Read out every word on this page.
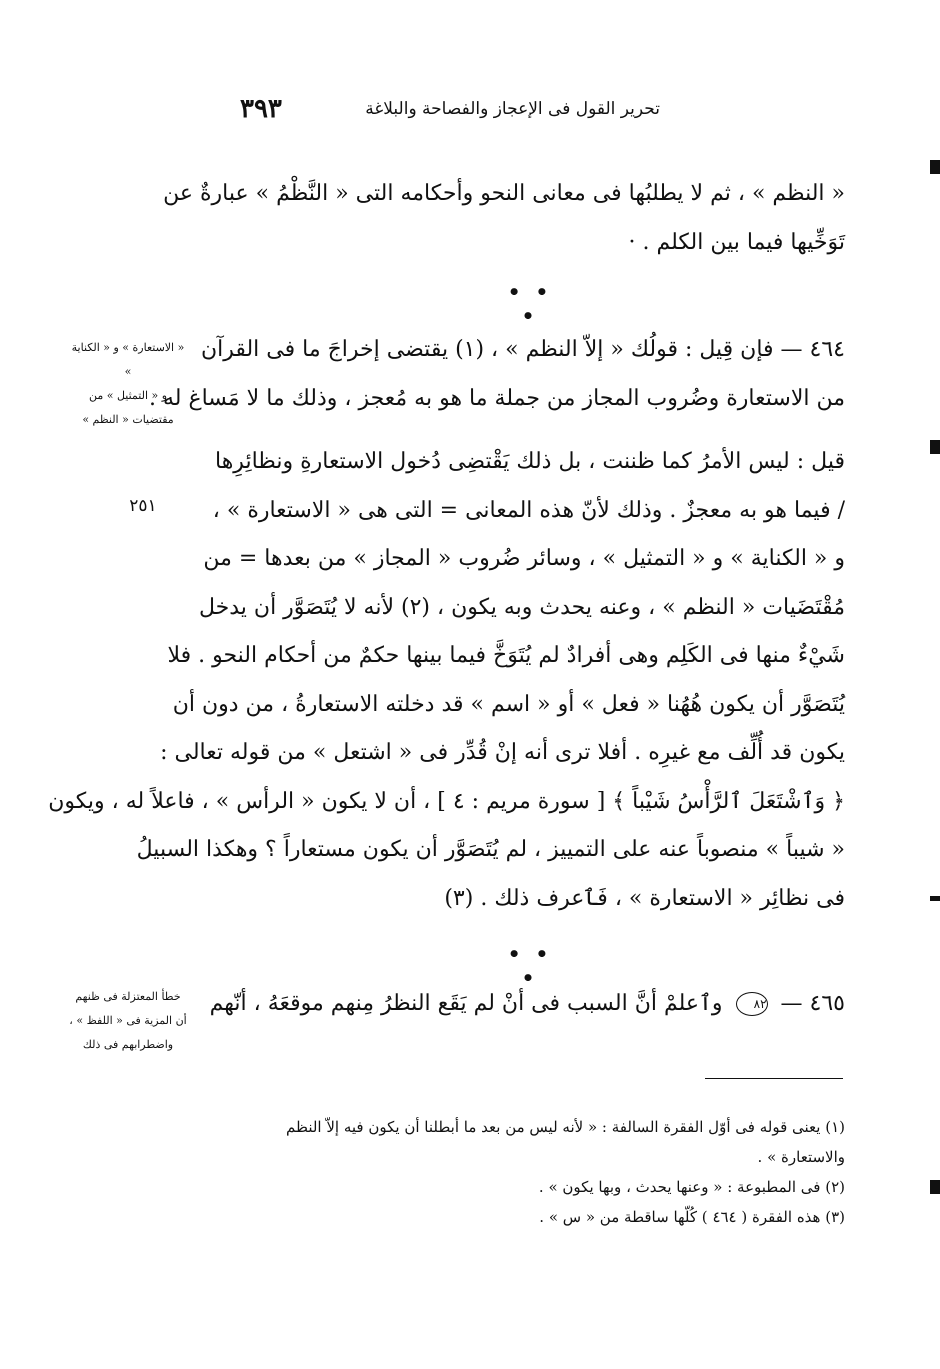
تحرير القول فى الإعجاز والفصاحة والبلاغة
٣٩٣
« النظم » ، ثم لا يطلبُها فى معانى النحو وأحكامه التى « النَّظْمُ » عبارةٌ عن
تَوَخِّيها فيما بين الكلم . ·
• • •
٤٦٤ — فإن قِيل : قولُك « إلاّ النظم » ، (١) يقتضى إخراجَ ما فى القرآن
من الاستعارة وضُروب المجاز من جملة ما هو به مُعجز ، وذلك ما لا مَساغ له .
« الاستعارة » و « الكناية »
و « التمثيل » من
مقتضيات « النظم »
قيل : ليس الأمرُ كما ظننت ، بل ذلك يَقْتضِى دُخول الاستعارةِ ونظائِرِها
/ فيما هو به معجزٌ . وذلك لأنّ هذه المعانى = التى هى « الاستعارة » ،
و « الكناية » و « التمثيل » ، وسائر ضُروب « المجاز » من بعدها = من
مُقْتَضَيات « النظم » ، وعنه يحدث وبه يكون ، (٢) لأنه لا يُتَصَوَّر أن يدخل
شَيْءٌ منها فى الكَلِم وهى أفرادٌ لم يُتَوَخَّ فيما بينها حكمٌ من أحكام النحو . فلا
يُتَصَوَّر أن يكون هُهُنا « فعل » أو « اسم » قد دخلته الاستعارةُ ، من دون أن
يكون قد أُلِّف مع غيرِه . أفلا ترى أنه إنْ قُدِّر فى « اشتعل » من قوله تعالى :
﴿ وَٱشْتَعَلَ ٱلرَّأْسُ شَيْباً ﴾ [ سورة مريم : ٤ ] ، أن لا يكون « الرأس » ، فاعلاً له ، ويكون
« شيباً » منصوباً عنه على التمييز ، لم يُتَصَوَّر أن يكون مستعاراً ؟ وهكذا السبيلُ
فى نظائِر « الاستعارة » ، فَٱعرف ذلك . (٣)
٢٥١
• • •
٤٦٥ — ٨٢ وٱعلمْ أنَّ السبب فى أنْ لم يَقَع النظرُ مِنهم موقعَهُ ، أنّهم
خطأ المعتزلة فى ظنهم
أن المزية فى « اللفظ » ،
واضطرابهم فى ذلك
(١) يعنى قوله فى أوّل الفقرة السالفة : « لأنه ليس من بعد ما أبطلنا أن يكون فيه إلاّ النظم
والاستعارة » .
(٢) فى المطبوعة : « وعنها يحدث ، وبها يكون » .
(٣) هذه الفقرة ( ٤٦٤ ) كُلّها ساقطة من « س » .
